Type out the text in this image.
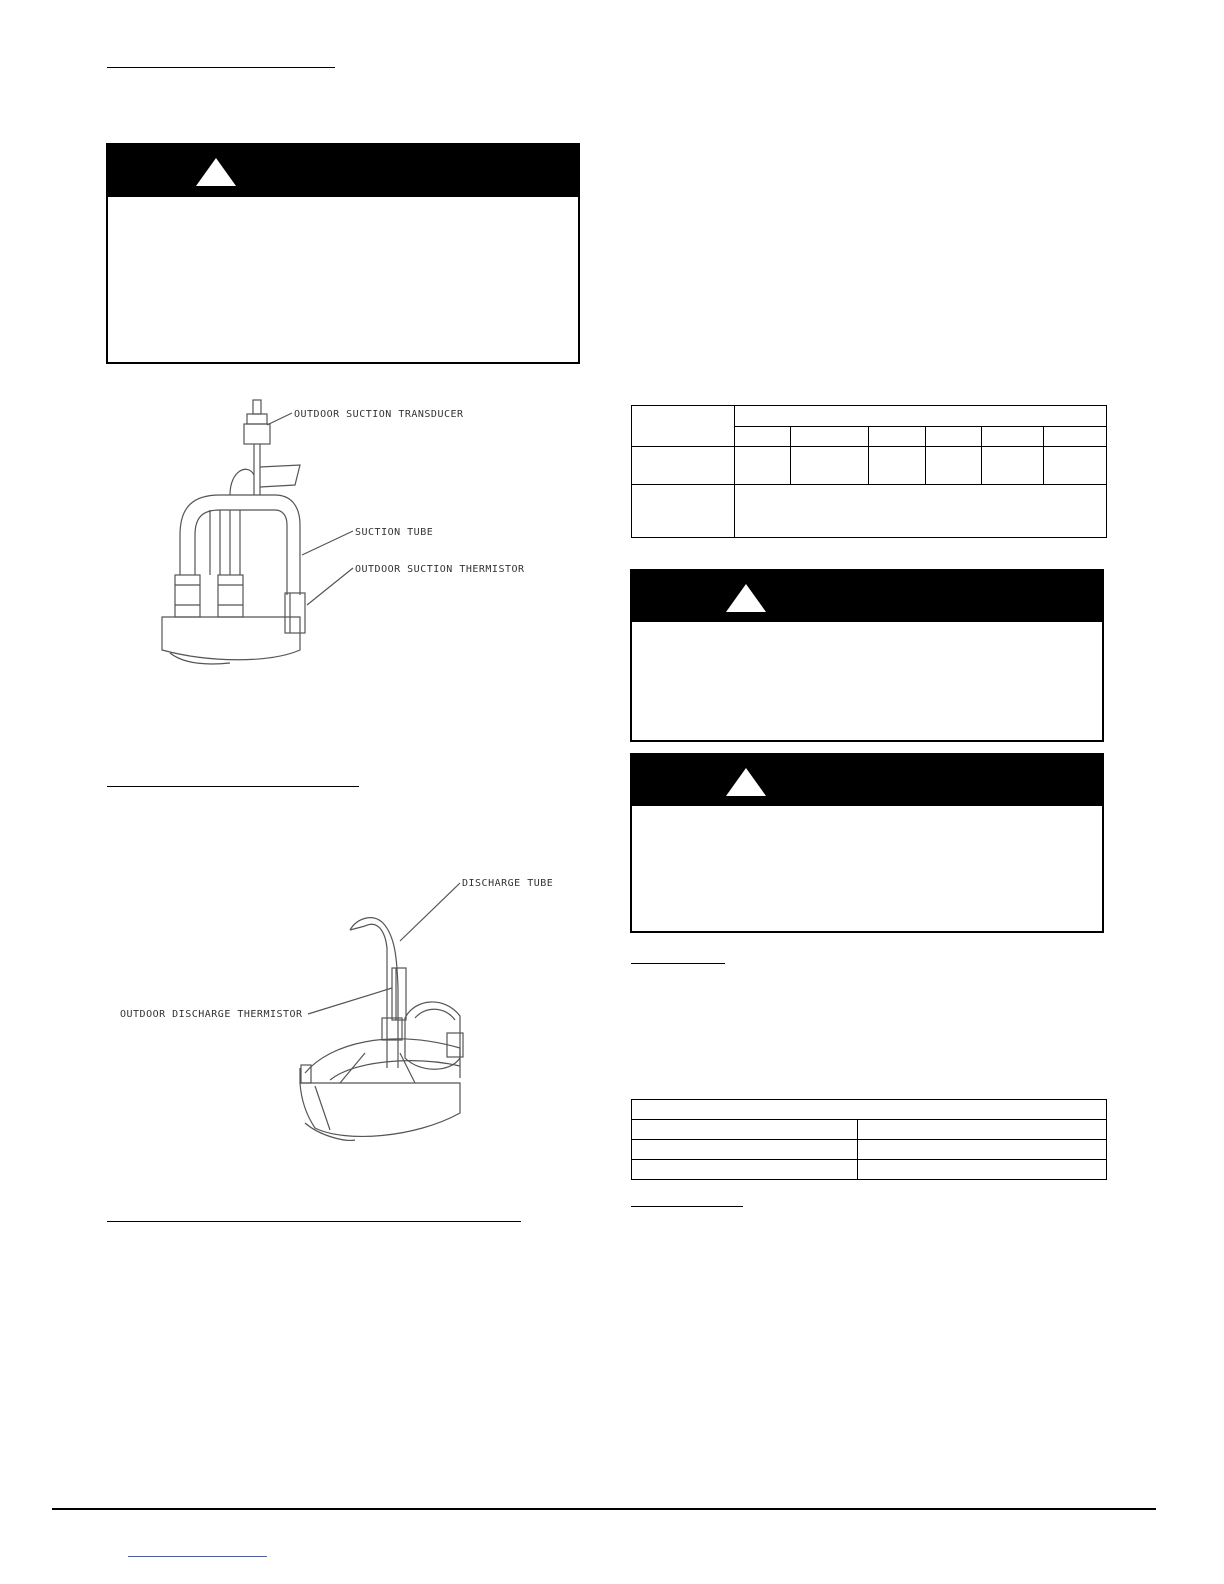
OUTDOOR SUCTION TRANSDUCER
SUCTION TUBE
OUTDOOR SUCTION THERMISTOR
DISCHARGE TUBE
OUTDOOR DISCHARGE THERMISTOR
